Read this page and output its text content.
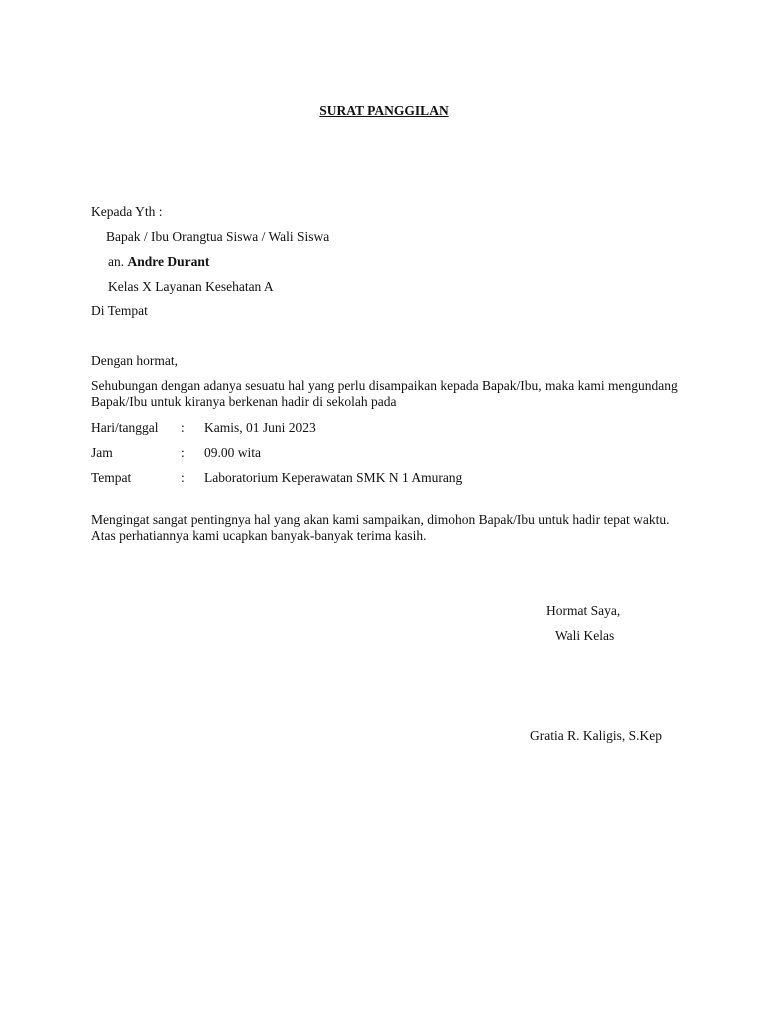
SURAT PANGGILAN
Kepada Yth :
Bapak / Ibu Orangtua Siswa / Wali Siswa
an. Andre Durant
Kelas X Layanan Kesehatan A
Di Tempat
Dengan hormat,
Sehubungan dengan adanya sesuatu hal yang perlu disampaikan kepada Bapak/Ibu, maka kami mengundang Bapak/Ibu untuk kiranya berkenan hadir di sekolah pada
Hari/tanggal : Kamis, 01 Juni 2023
Jam	: 09.00 wita
Tempat	: Laboratorium Keperawatan SMK N 1 Amurang
Mengingat sangat pentingnya hal yang akan kami sampaikan, dimohon Bapak/Ibu untuk hadir tepat waktu. Atas perhatiannya kami ucapkan banyak-banyak terima kasih.
Hormat Saya,
Wali Kelas
Gratia R. Kaligis, S.Kep
